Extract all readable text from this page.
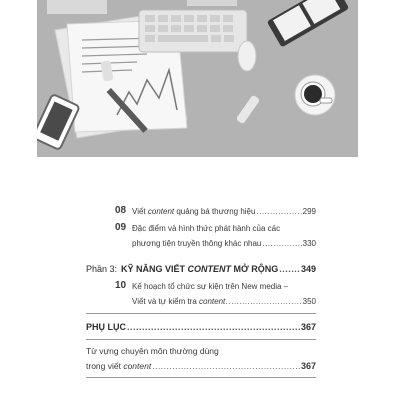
08 Viết content quảng bá thương hiệu .....	299
09 Đặc điểm và hình thức phát hành của các
phương tiện truyền thông khác nhau .....	330
Phần 3: KỸ NĂNG VIẾT CONTENT MỞ RỘNG .....	349
10 Kế hoạch tổ chức sự kiện trên New media –
Viết và tự kiểm tra content. .....	350
PHỤ LỤC .....	367
Từ vựng chuyên môn thường dùng
trong viết content .....	367
